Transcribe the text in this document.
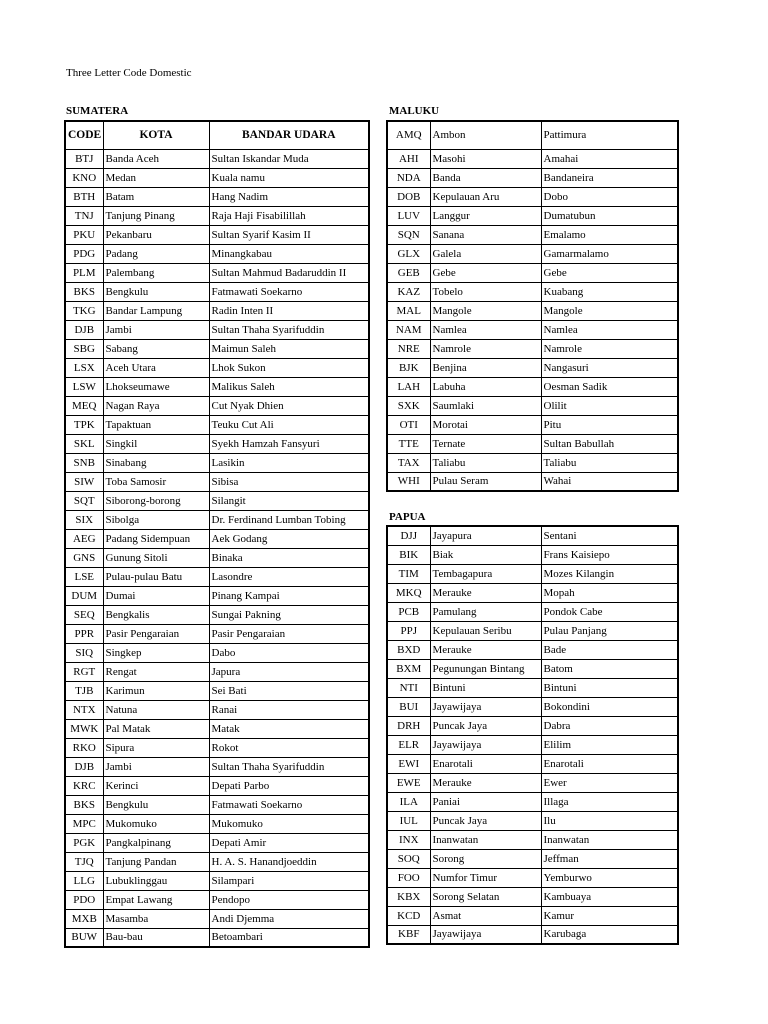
Three Letter Code Domestic
SUMATERA
CODE	KOTA	BANDAR UDARA
BTJ	Banda Aceh	Sultan Iskandar Muda
KNO	Medan	Kuala namu
BTH	Batam	Hang Nadim
TNJ	Tanjung Pinang	Raja Haji Fisabilillah
PKU	Pekanbaru	Sultan Syarif Kasim II
PDG	Padang	Minangkabau
PLM	Palembang	Sultan Mahmud Badaruddin II
BKS	Bengkulu	Fatmawati Soekarno
TKG	Bandar Lampung	Radin Inten II
DJB	Jambi	Sultan Thaha Syarifuddin
SBG	Sabang	Maimun Saleh
LSX	Aceh Utara	Lhok Sukon
LSW	Lhokseumawe	Malikus Saleh
MEQ	Nagan Raya	Cut Nyak Dhien
TPK	Tapaktuan	Teuku Cut Ali
SKL	Singkil	Syekh Hamzah Fansyuri
SNB	Sinabang	Lasikin
SIW	Toba Samosir	Sibisa
SQT	Siborong-borong	Silangit
SIX	Sibolga	Dr. Ferdinand Lumban Tobing
AEG	Padang Sidempuan	Aek Godang
GNS	Gunung Sitoli	Binaka
LSE	Pulau-pulau Batu	Lasondre
DUM	Dumai	Pinang Kampai
SEQ	Bengkalis	Sungai Pakning
PPR	Pasir Pengaraian	Pasir Pengaraian
SIQ	Singkep	Dabo
RGT	Rengat	Japura
TJB	Karimun	Sei Bati
NTX	Natuna	Ranai
MWK	Pal Matak	Matak
RKO	Sipura	Rokot
DJB	Jambi	Sultan Thaha Syarifuddin
KRC	Kerinci	Depati Parbo
BKS	Bengkulu	Fatmawati Soekarno
MPC	Mukomuko	Mukomuko
PGK	Pangkalpinang	Depati Amir
TJQ	Tanjung Pandan	H. A. S. Hanandjoeddin
LLG	Lubuklinggau	Silampari
PDO	Empat Lawang	Pendopo
MXB	Masamba	Andi Djemma
BUW	Bau-bau	Betoambari
MALUKU
AMQ	Ambon	Pattimura
AHI	Masohi	Amahai
NDA	Banda	Bandaneira
DOB	Kepulauan Aru	Dobo
LUV	Langgur	Dumatubun
SQN	Sanana	Emalamo
GLX	Galela	Gamarmalamo
GEB	Gebe	Gebe
KAZ	Tobelo	Kuabang
MAL	Mangole	Mangole
NAM	Namlea	Namlea
NRE	Namrole	Namrole
BJK	Benjina	Nangasuri
LAH	Labuha	Oesman Sadik
SXK	Saumlaki	Olilit
OTI	Morotai	Pitu
TTE	Ternate	Sultan Babullah
TAX	Taliabu	Taliabu
WHI	Pulau Seram	Wahai
PAPUA
DJJ	Jayapura	Sentani
BIK	Biak	Frans Kaisiepo
TIM	Tembagapura	Mozes Kilangin
MKQ	Merauke	Mopah
PCB	Pamulang	Pondok Cabe
PPJ	Kepulauan Seribu	Pulau Panjang
BXD	Merauke	Bade
BXM	Pegunungan Bintang	Batom
NTI	Bintuni	Bintuni
BUI	Jayawijaya	Bokondini
DRH	Puncak Jaya	Dabra
ELR	Jayawijaya	Elilim
EWI	Enarotali	Enarotali
EWE	Merauke	Ewer
ILA	Paniai	Illaga
IUL	Puncak Jaya	Ilu
INX	Inanwatan	Inanwatan
SOQ	Sorong	Jeffman
FOO	Numfor Timur	Yemburwo
KBX	Sorong Selatan	Kambuaya
KCD	Asmat	Kamur
KBF	Jayawijaya	Karubaga
